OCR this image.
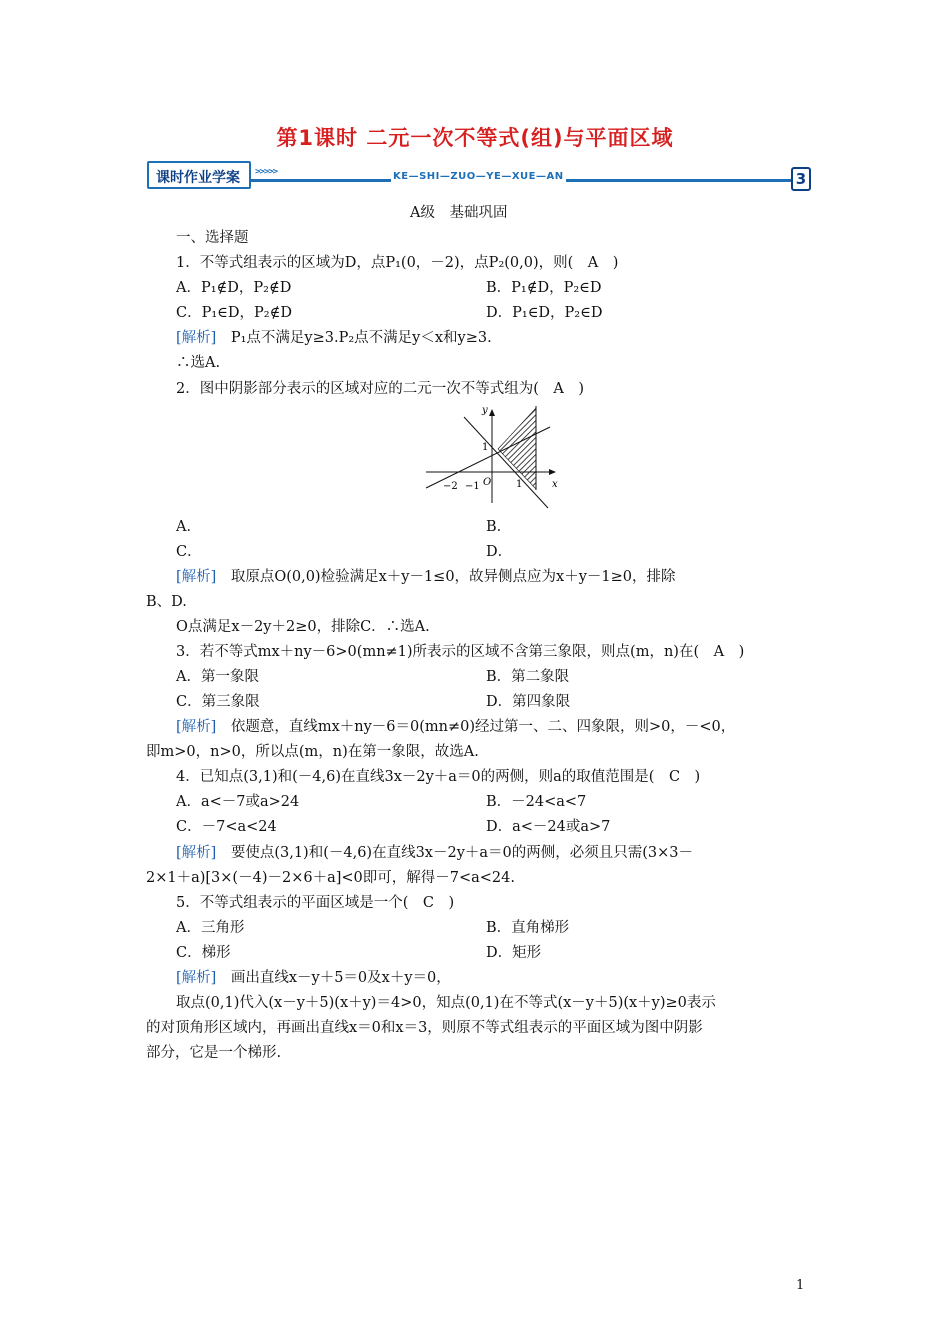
第1课时 二元一次不等式(组)与平面区域
课时作业学案 >>>>>	KE—SHI—ZUO—YE—XUE—AN	3
A级　基础巩固
一、选择题
1．不等式组表示的区域为D，点P₁(0，－2)，点P₂(0,0)，则(　A　)
A．P₁∉D，P₂∉D	B．P₁∉D，P₂∈D
C．P₁∈D，P₂∉D	D．P₁∈D，P₂∈D
[解析]　P₁点不满足y≥3.P₂点不满足y＜x和y≥3.
∴选A.
2．图中阴影部分表示的区域对应的二元一次不等式组为(　A　)
y
x
1
O
−2 −1	1
A．	B．
C．	D．
[解析]　取原点O(0,0)检验满足x＋y－1≤0，故异侧点应为x＋y－1≥0，排除
B、D.
O点满足x－2y＋2≥0，排除C．∴选A.
3．若不等式mx＋ny－6>0(mn≠1)所表示的区域不含第三象限，则点(m，n)在(　A　)
A．第一象限	B．第二象限
C．第三象限	D．第四象限
[解析]　依题意，直线mx＋ny－6＝0(mn≠0)经过第一、二、四象限，则>0，－<0，
即m>0，n>0，所以点(m，n)在第一象限，故选A.
4．已知点(3,1)和(－4,6)在直线3x－2y＋a＝0的两侧，则a的取值范围是(　C　)
A．a<－7或a>24	B．－24<a<7
C．－7<a<24	D．a<－24或a>7
[解析]　要使点(3,1)和(－4,6)在直线3x－2y＋a＝0的两侧，必须且只需(3×3－
2×1＋a)[3×(－4)－2×6＋a]<0即可，解得－7<a<24.
5．不等式组表示的平面区域是一个(　C　)
A．三角形	B．直角梯形
C．梯形	D．矩形
[解析]　画出直线x－y＋5＝0及x＋y＝0，
取点(0,1)代入(x－y＋5)(x＋y)＝4>0，知点(0,1)在不等式(x－y＋5)(x＋y)≥0表示
的对顶角形区域内，再画出直线x＝0和x＝3，则原不等式组表示的平面区域为图中阴影
部分，它是一个梯形.
1
